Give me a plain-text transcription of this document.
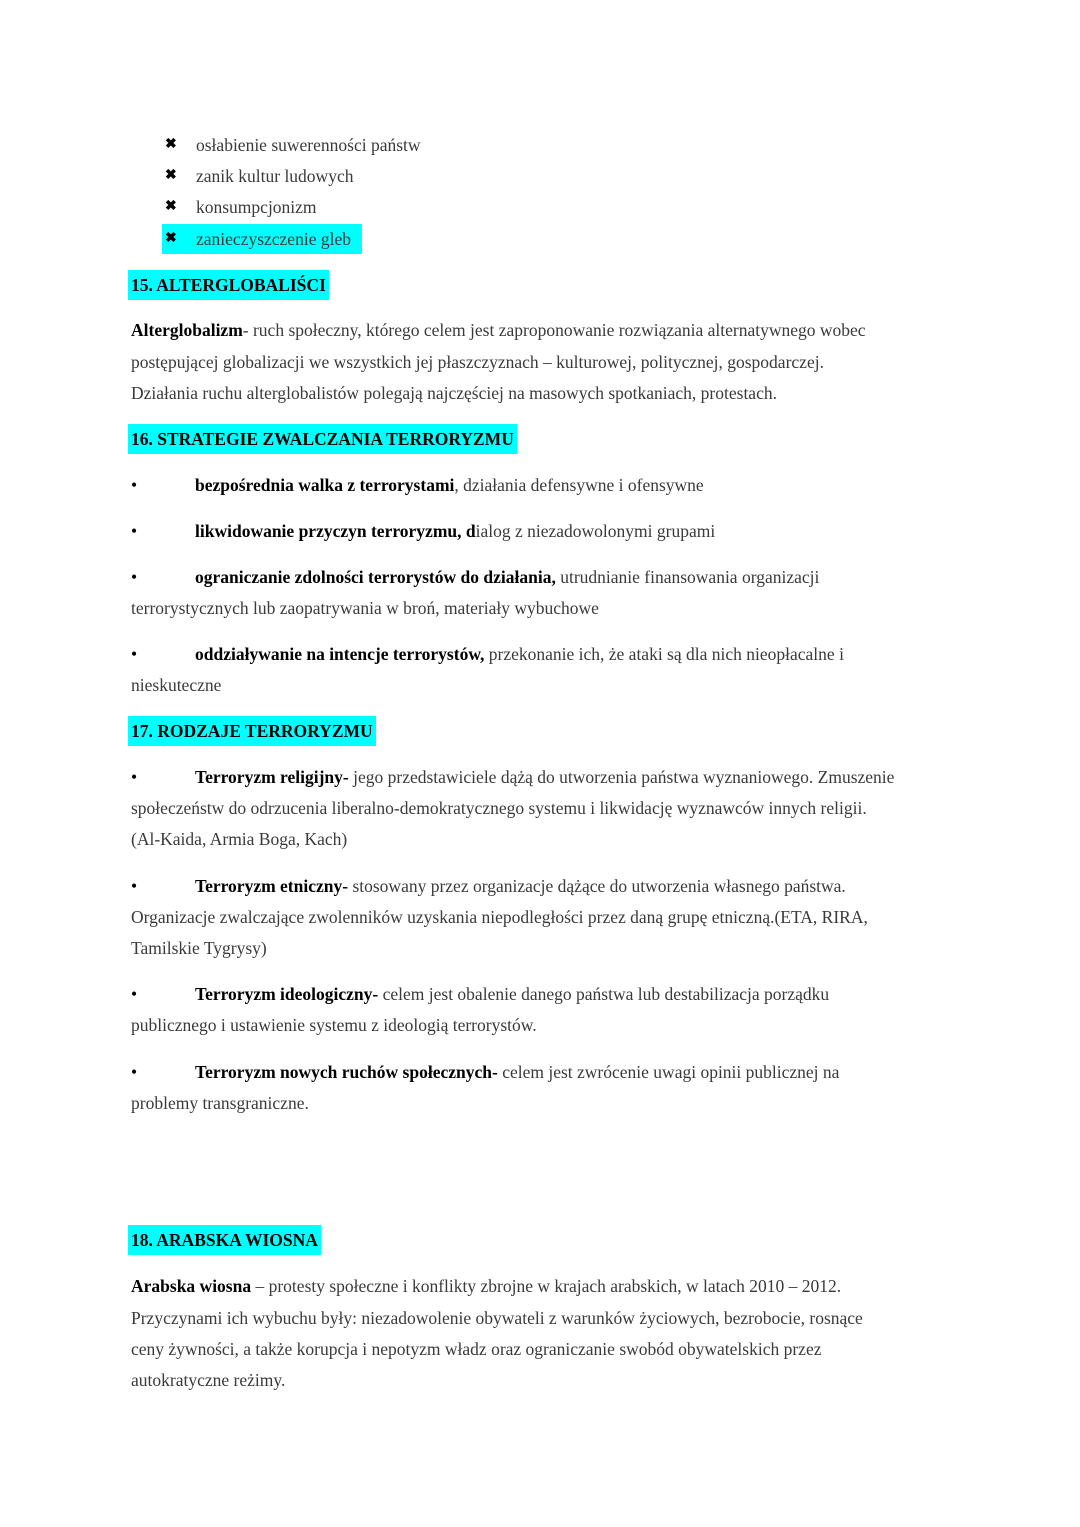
✖ osłabienie suwerenności państw
✖ zanik kultur ludowych
✖ konsumpcjonizm
✖ zanieczyszczenie gleb
15. ALTERGLOBALIŚCI
Alterglobalizm- ruch społeczny, którego celem jest zaproponowanie rozwiązania alternatywnego wobec
postępującej globalizacji we wszystkich jej płaszczyznach – kulturowej, politycznej, gospodarczej.
Działania ruchu alterglobalistów polegają najczęściej na masowych spotkaniach, protestach.
16. STRATEGIE ZWALCZANIA TERRORYZMU
•	bezpośrednia walka z terrorystami, działania defensywne i ofensywne
•	likwidowanie przyczyn terroryzmu, dialog z niezadowolonymi grupami
•	ograniczanie zdolności terrorystów do działania, utrudnianie finansowania organizacji
terrorystycznych lub zaopatrywania w broń, materiały wybuchowe
•	oddziaływanie na intencje terrorystów, przekonanie ich, że ataki są dla nich nieopłacalne i
nieskuteczne
17. RODZAJE TERRORYZMU
•	Terroryzm religijny- jego przedstawiciele dążą do utworzenia państwa wyznaniowego. Zmuszenie
społeczeństw do odrzucenia liberalno-demokratycznego systemu i likwidację wyznawców innych religii.
(Al-Kaida, Armia Boga, Kach)
•	Terroryzm etniczny- stosowany przez organizacje dążące do utworzenia własnego państwa.
Organizacje zwalczające zwolenników uzyskania niepodległości przez daną grupę etniczną.(ETA, RIRA,
Tamilskie Tygrysy)
•	Terroryzm ideologiczny- celem jest obalenie danego państwa lub destabilizacja porządku
publicznego i ustawienie systemu z ideologią terrorystów.
•	Terroryzm nowych ruchów społecznych- celem jest zwrócenie uwagi opinii publicznej na
problemy transgraniczne.
18. ARABSKA WIOSNA
Arabska wiosna – protesty społeczne i konflikty zbrojne w krajach arabskich, w latach 2010 – 2012.
Przyczynami ich wybuchu były: niezadowolenie obywateli z warunków życiowych, bezrobocie, rosnące
ceny żywności, a także korupcja i nepotyzm władz oraz ograniczanie swobód obywatelskich przez
autokratyczne reżimy.
